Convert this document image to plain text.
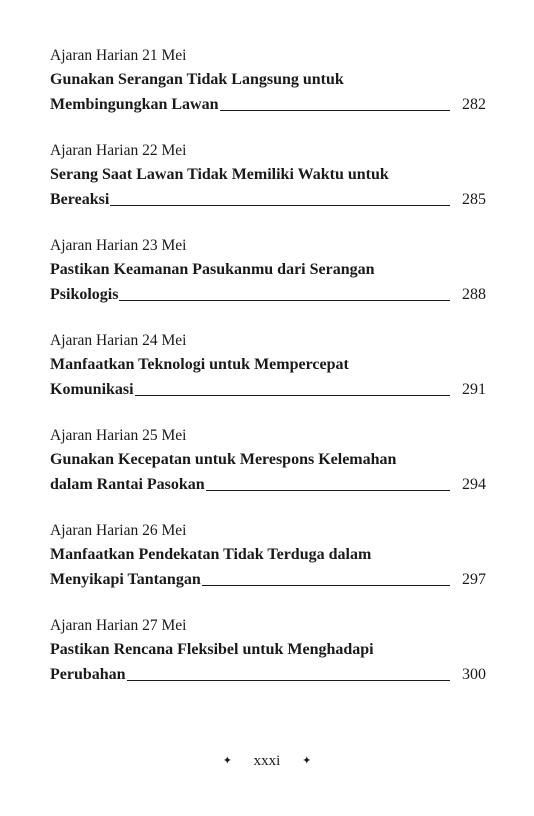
Ajaran Harian 21 Mei
Gunakan Serangan Tidak Langsung untuk
Membingungkan Lawan	282
Ajaran Harian 22 Mei
Serang Saat Lawan Tidak Memiliki Waktu untuk
Bereaksi	285
Ajaran Harian 23 Mei
Pastikan Keamanan Pasukanmu dari Serangan
Psikologis	288
Ajaran Harian 24 Mei
Manfaatkan Teknologi untuk Mempercepat
Komunikasi	291
Ajaran Harian 25 Mei
Gunakan Kecepatan untuk Merespons Kelemahan
dalam Rantai Pasokan	294
Ajaran Harian 26 Mei
Manfaatkan Pendekatan Tidak Terduga dalam
Menyikapi Tantangan	297
Ajaran Harian 27 Mei
Pastikan Rencana Fleksibel untuk Menghadapi
Perubahan	300
✦ xxxi ✦
